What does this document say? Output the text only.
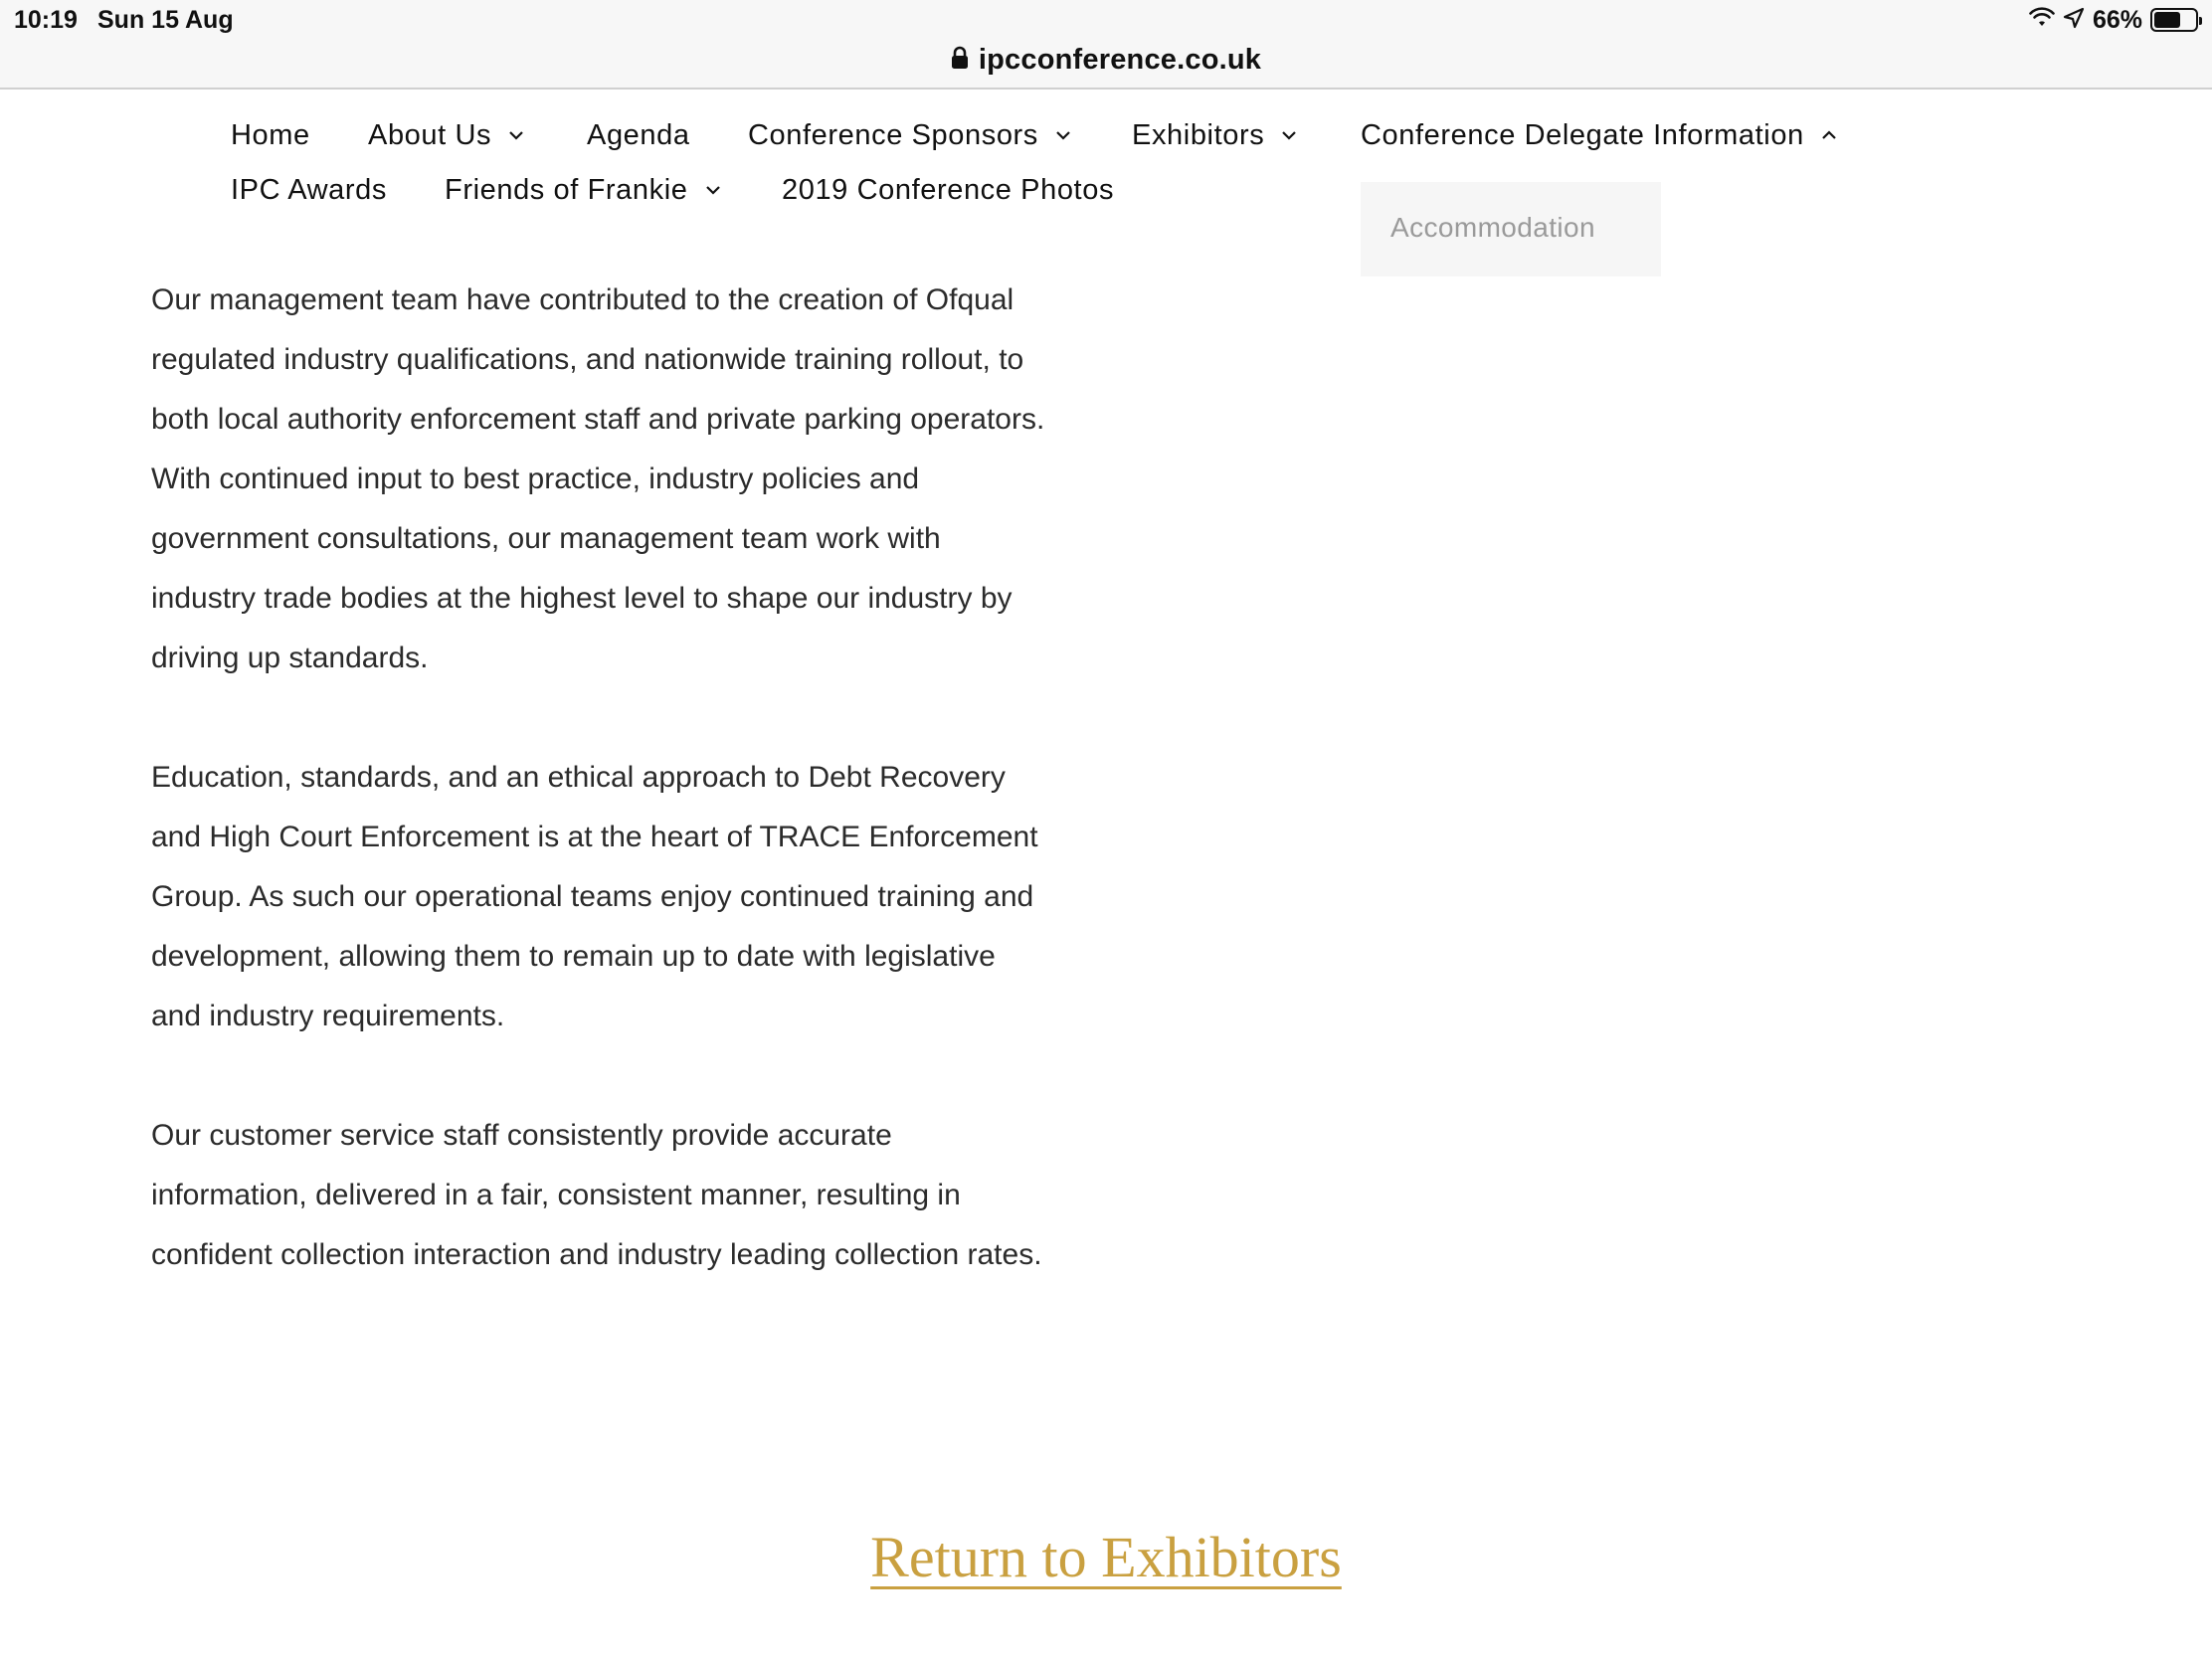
10:19 Sun 15 Aug	66%
ipcconference.co.uk
Home About Us	Agenda Conference Sponsors	Exhibitors	Conference Delegate Information
IPC Awards Friends of Frankie	2019 Conference Photos
Accommodation

Our management team have contributed to the creation of Ofqual regulated industry qualifications, and nationwide training rollout, to both local authority enforcement staff and private parking operators. With continued input to best practice, industry policies and government consultations, our management team work with industry trade bodies at the highest level to shape our industry by driving up standards.

Education, standards, and an ethical approach to Debt Recovery and High Court Enforcement is at the heart of TRACE Enforcement Group. As such our operational teams enjoy continued training and development, allowing them to remain up to date with legislative and industry requirements.

Our customer service staff consistently provide accurate information, delivered in a fair, consistent manner, resulting in confident collection interaction and industry leading collection rates.

Return to Exhibitors
